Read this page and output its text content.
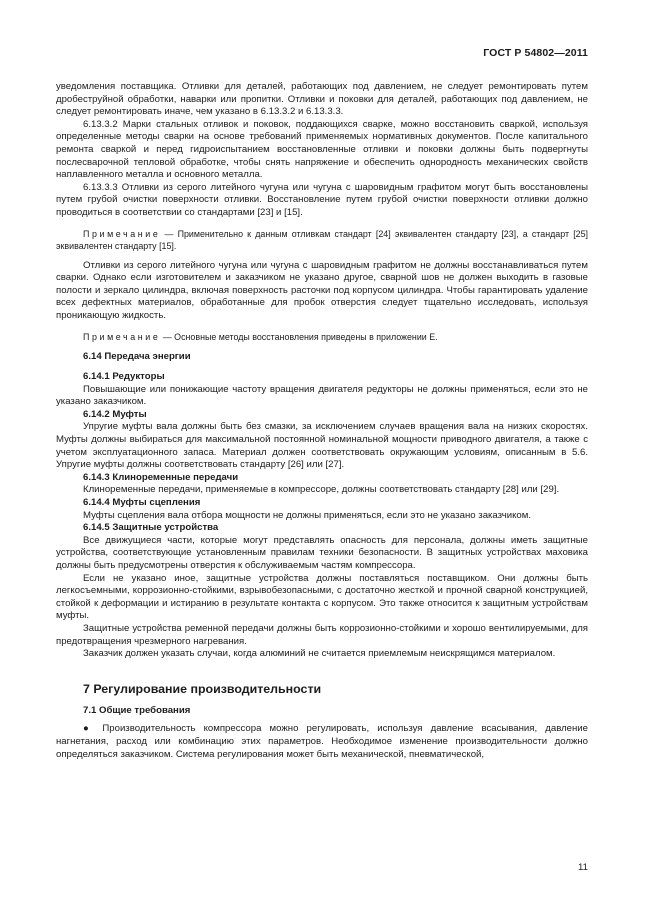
ГОСТ Р 54802—2011

уведомления поставщика. Отливки для деталей, работающих под давлением, не следует ремонтировать путем дробеструйной обработки, наварки или пропитки. Отливки и поковки для деталей, работающих под давлением, не следует ремонтировать иначе, чем указано в 6.13.3.2 и 6.13.3.3.

6.13.3.2 Марки стальных отливок и поковок, поддающихся сварке, можно восстановить сваркой, используя определенные методы сварки на основе требований применяемых нормативных документов. После капитального ремонта сваркой и перед гидроиспытанием восстановленные отливки и поковки должны быть подвергнуты послесварочной тепловой обработке, чтобы снять напряжение и обеспечить однородность механических свойств наплавленного металла и основного металла.

6.13.3.3 Отливки из серого литейного чугуна или чугуна с шаровидным графитом могут быть восстановлены путем грубой очистки поверхности отливки. Восстановление путем грубой очистки поверхности отливки должно проводиться в соответствии со стандартами [23] и [15].

Примечание — Применительно к данным отливкам стандарт [24] эквивалентен стандарту [23], а стандарт [25] эквивалентен стандарту [15].

Отливки из серого литейного чугуна или чугуна с шаровидным графитом не должны восстанавливаться путем сварки. Однако если изготовителем и заказчиком не указано другое, сварной шов не должен выходить в газовые полости и зеркало цилиндра, включая поверхность расточки под корпусом цилиндра. Чтобы гарантировать удаление всех дефектных материалов, обработанные для пробок отверстия следует тщательно исследовать, используя проникающую жидкость.

Примечание — Основные методы восстановления приведены в приложении Е.

6.14 Передача энергии

6.14.1 Редукторы

Повышающие или понижающие частоту вращения двигателя редукторы не должны применяться, если это не указано заказчиком.

6.14.2 Муфты

Упругие муфты вала должны быть без смазки, за исключением случаев вращения вала на низких скоростях. Муфты должны выбираться для максимальной постоянной номинальной мощности приводного двигателя, а также с учетом эксплуатационного запаса. Материал должен соответствовать окружающим условиям, описанным в 5.6. Упругие муфты должны соответствовать стандарту [26] или [27].

6.14.3 Клиноременные передачи

Клиноременные передачи, применяемые в компрессоре, должны соответствовать стандарту [28] или [29].

6.14.4 Муфты сцепления

Муфты сцепления вала отбора мощности не должны применяться, если это не указано заказчиком.

6.14.5 Защитные устройства

Все движущиеся части, которые могут представлять опасность для персонала, должны иметь защитные устройства, соответствующие установленным правилам техники безопасности. В защитных устройствах маховика должны быть предусмотрены отверстия к обслуживаемым частям компрессора.

Если не указано иное, защитные устройства должны поставляться поставщиком. Они должны быть легкосъемными, коррозионно-стойкими, взрывобезопасными, с достаточно жесткой и прочной сварной конструкцией, стойкой к деформации и истиранию в результате контакта с корпусом. Это также относится к защитным устройствам муфты.

Защитные устройства ременной передачи должны быть коррозионно-стойкими и хорошо вентилируемыми, для предотвращения чрезмерного нагревания.

Заказчик должен указать случаи, когда алюминий не считается приемлемым неискрящимся материалом.

7 Регулирование производительности

7.1 Общие требования

● Производительность компрессора можно регулировать, используя давление всасывания, давление нагнетания, расход или комбинацию этих параметров. Необходимое изменение производительности должно определяться заказчиком. Система регулирования может быть механической, пневматической,

11
